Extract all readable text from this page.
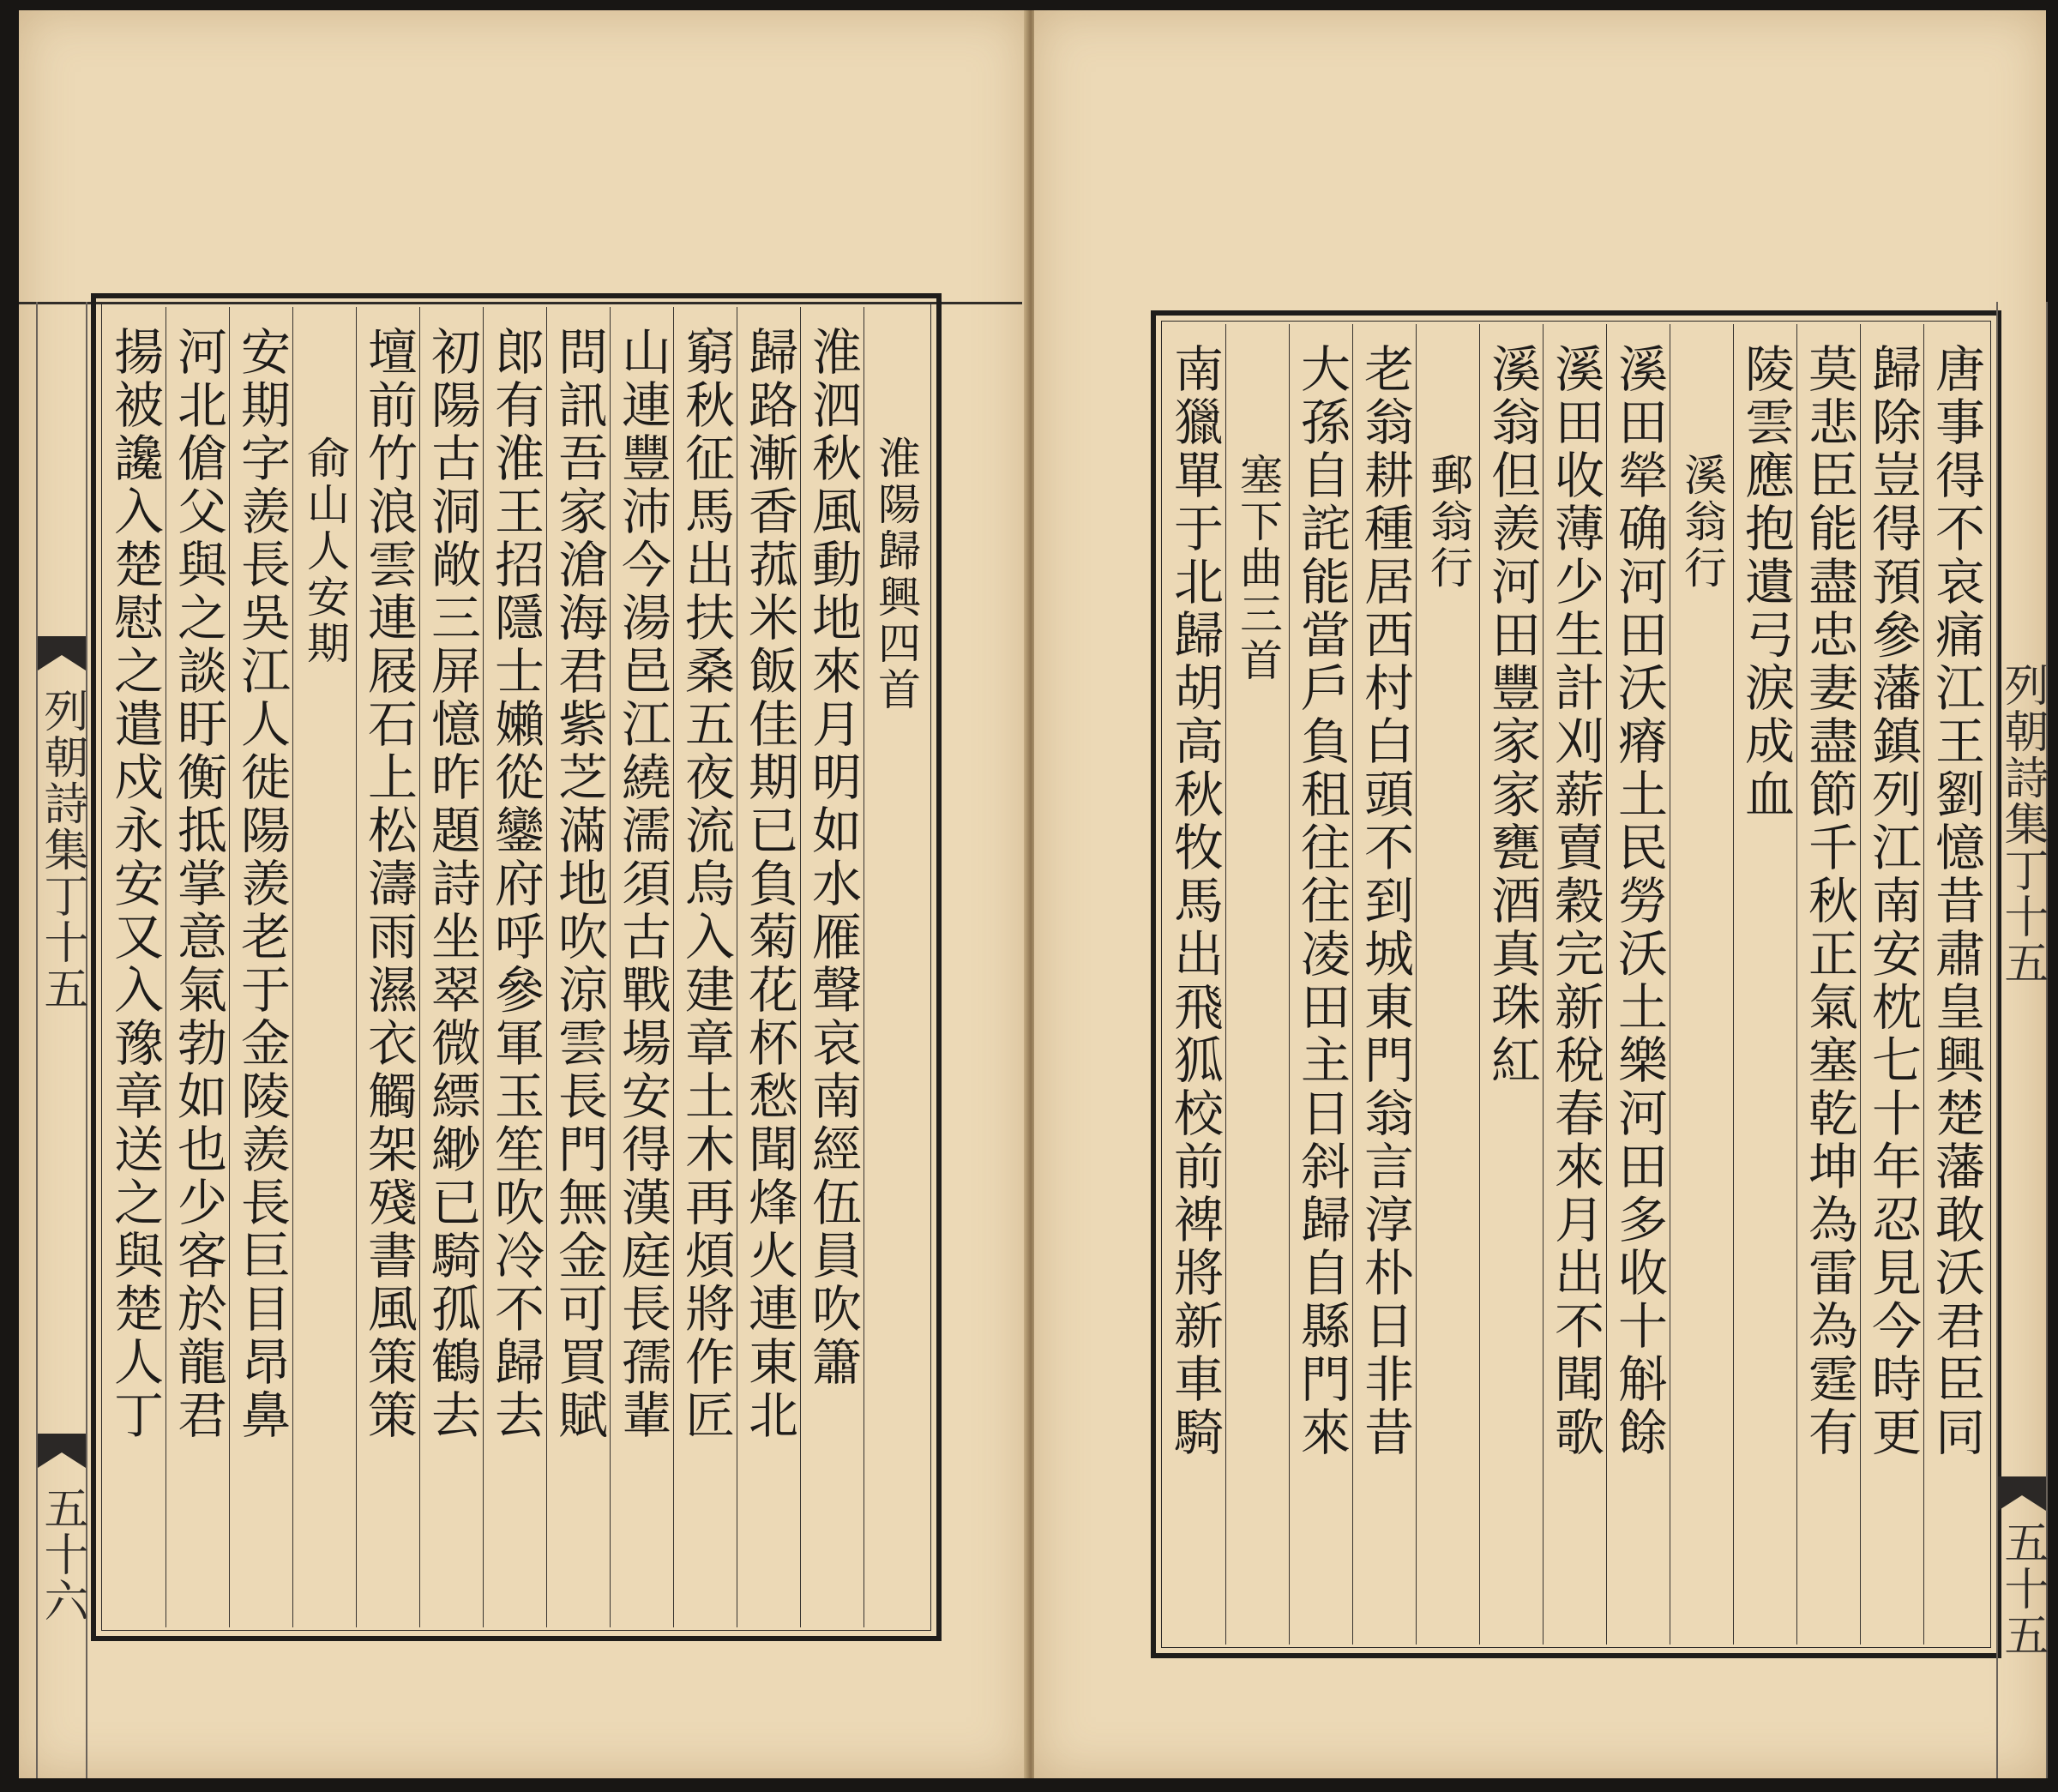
列朝詩集丁十五
五十六
淮陽歸興四首
淮泗秋風動地來月明如水雁聲哀南經伍員吹簫
歸路漸香菰米飯佳期已負菊花杯愁聞烽火連東北
窮秋征馬出扶桑五夜流烏入建章土木再煩將作匠
山連豐沛今湯邑江繞濡須古戰場安得漢庭長孺輩
問訊吾家滄海君紫芝滿地吹涼雲長門無金可買賦
郎有淮王招隱士嬾從鑾府呼參軍玉笙吹冷不歸去
初陽古洞敞三屏憶昨題詩坐翠微縹緲已騎孤鶴去
壇前竹浪雲連屐石上松濤雨濕衣觸架殘書風策策
俞山人安期
安期字羨長吳江人徙陽羨老于金陵羨長巨目昂鼻
河北傖父與之談盱衡抵掌意氣勃如也少客於龍君
揚被讒入楚慰之遣戍永安又入豫章送之與楚人丁	唐事得不哀痛江王劉憶昔肅皇興楚藩敢沃君臣同
歸除豈得預參藩鎮列江南安枕七十年忍見今時更
莫悲臣能盡忠妻盡節千秋正氣塞乾坤為雷為霆有
陵雲應抱遺弓淚成血
溪翁行
溪田犖确河田沃瘠土民勞沃土樂河田多收十斛餘
溪田收薄少生計刈薪賣穀完新稅春來月出不聞歌
溪翁但羨河田豐家家甕酒真珠紅
郵翁行
老翁耕種居西村白頭不到城東門翁言淳朴日非昔
大孫自詫能當戶負租往往凌田主日斜歸自縣門來
塞下曲三首
南獵單于北歸胡高秋牧馬出飛狐校前裨將新車騎	列朝詩集丁十五
五十五
